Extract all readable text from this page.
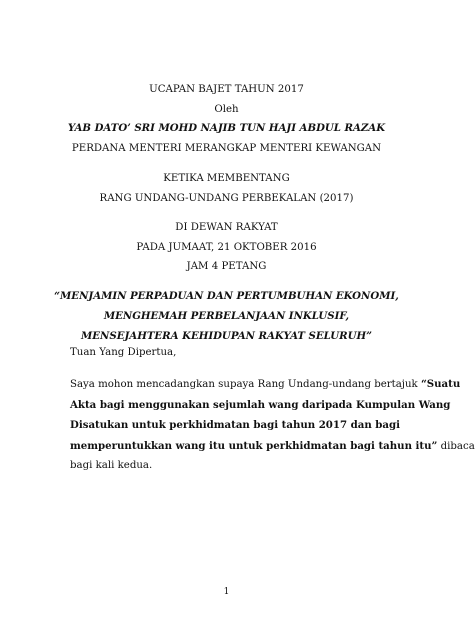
UCAPAN BAJET TAHUN 2017
Oleh
YAB DATO’ SRI MOHD NAJIB TUN HAJI ABDUL RAZAK
PERDANA MENTERI MERANGKAP MENTERI KEWANGAN
KETIKA MEMBENTANG
RANG UNDANG-UNDANG PERBEKALAN (2017)
DI DEWAN RAKYAT
PADA JUMAAT, 21 OKTOBER 2016
JAM 4 PETANG
“MENJAMIN PERPADUAN DAN PERTUMBUHAN EKONOMI,
MENGHEMAH PERBELANJAAN INKLUSIF,
MENSEJAHTERA KEHIDUPAN RAKYAT SELURUH”
Tuan Yang Dipertua,
Saya mohon mencadangkan supaya Rang Undang-undang bertajuk “Suatu
Akta bagi menggunakan sejumlah wang daripada Kumpulan Wang
Disatukan untuk perkhidmatan bagi tahun 2017 dan bagi
memperuntukkan wang itu untuk perkhidmatan bagi tahun itu” dibaca
bagi kali kedua.
1
